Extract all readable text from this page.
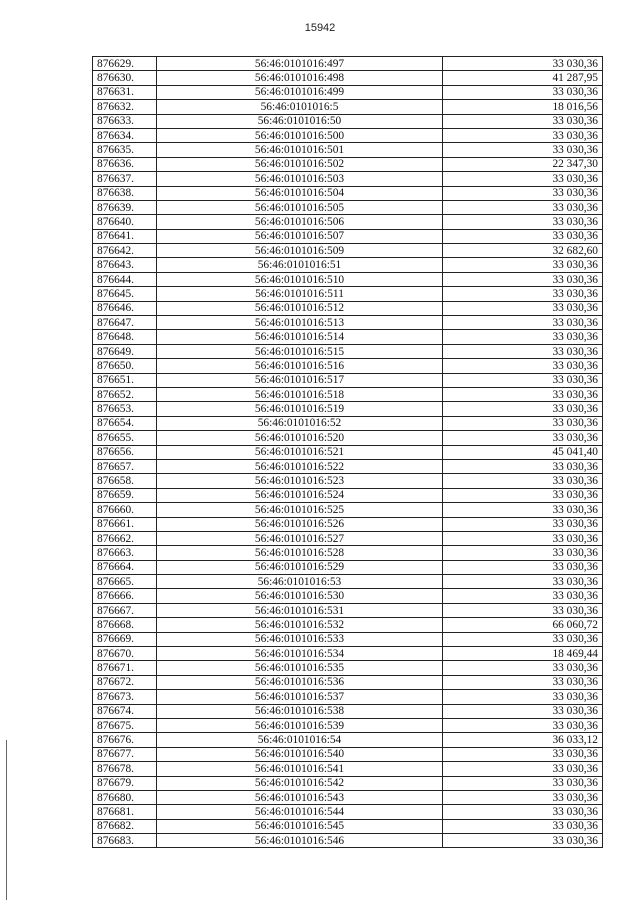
15942
876629.	56:46:0101016:497	33 030,36
876630.	56:46:0101016:498	41 287,95
876631.	56:46:0101016:499	33 030,36
876632.	56:46:0101016:5	18 016,56
876633.	56:46:0101016:50	33 030,36
876634.	56:46:0101016:500	33 030,36
876635.	56:46:0101016:501	33 030,36
876636.	56:46:0101016:502	22 347,30
876637.	56:46:0101016:503	33 030,36
876638.	56:46:0101016:504	33 030,36
876639.	56:46:0101016:505	33 030,36
876640.	56:46:0101016:506	33 030,36
876641.	56:46:0101016:507	33 030,36
876642.	56:46:0101016:509	32 682,60
876643.	56:46:0101016:51	33 030,36
876644.	56:46:0101016:510	33 030,36
876645.	56:46:0101016:511	33 030,36
876646.	56:46:0101016:512	33 030,36
876647.	56:46:0101016:513	33 030,36
876648.	56:46:0101016:514	33 030,36
876649.	56:46:0101016:515	33 030,36
876650.	56:46:0101016:516	33 030,36
876651.	56:46:0101016:517	33 030,36
876652.	56:46:0101016:518	33 030,36
876653.	56:46:0101016:519	33 030,36
876654.	56:46:0101016:52	33 030,36
876655.	56:46:0101016:520	33 030,36
876656.	56:46:0101016:521	45 041,40
876657.	56:46:0101016:522	33 030,36
876658.	56:46:0101016:523	33 030,36
876659.	56:46:0101016:524	33 030,36
876660.	56:46:0101016:525	33 030,36
876661.	56:46:0101016:526	33 030,36
876662.	56:46:0101016:527	33 030,36
876663.	56:46:0101016:528	33 030,36
876664.	56:46:0101016:529	33 030,36
876665.	56:46:0101016:53	33 030,36
876666.	56:46:0101016:530	33 030,36
876667.	56:46:0101016:531	33 030,36
876668.	56:46:0101016:532	66 060,72
876669.	56:46:0101016:533	33 030,36
876670.	56:46:0101016:534	18 469,44
876671.	56:46:0101016:535	33 030,36
876672.	56:46:0101016:536	33 030,36
876673.	56:46:0101016:537	33 030,36
876674.	56:46:0101016:538	33 030,36
876675.	56:46:0101016:539	33 030,36
876676.	56:46:0101016:54	36 033,12
876677.	56:46:0101016:540	33 030,36
876678.	56:46:0101016:541	33 030,36
876679.	56:46:0101016:542	33 030,36
876680.	56:46:0101016:543	33 030,36
876681.	56:46:0101016:544	33 030,36
876682.	56:46:0101016:545	33 030,36
876683.	56:46:0101016:546	33 030,36
